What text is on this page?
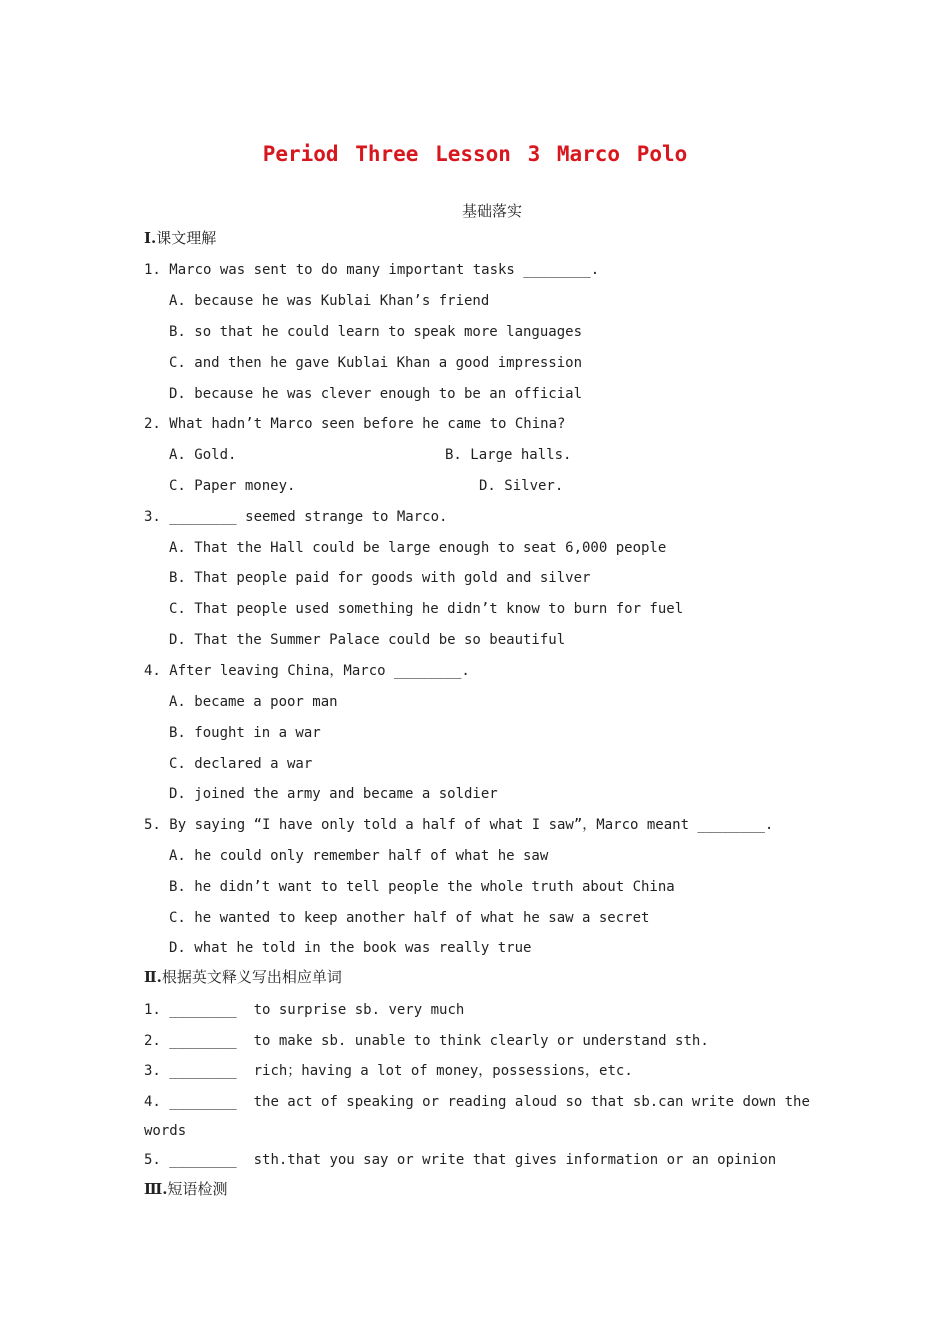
Period Three Lesson 3 Marco Polo
基础落实
Ⅰ.课文理解
1. Marco was sent to do many important tasks ________.
A. because he was Kublai Khan’s friend
B. so that he could learn to speak more languages
C. and then he gave Kublai Khan a good impression
D. because he was clever enough to be an official
2. What hadn’t Marco seen before he came to China?
A. Gold.	B. Large halls.
C. Paper money.	D. Silver.
3. ________ seemed strange to Marco.
A. That the Hall could be large enough to seat 6,000 people
B. That people paid for goods with gold and silver
C. That people used something he didn’t know to burn for fuel
D. That the Summer Palace could be so beautiful
4. After leaving China，Marco ________.
A. became a poor man
B. fought in a war
C. declared a war
D. joined the army and became a soldier
5. By saying “I have only told a half of what I saw”，Marco meant ________.
A. he could only remember half of what he saw
B. he didn’t want to tell people the whole truth about China
C. he wanted to keep another half of what he saw a secret
D. what he told in the book was really true
Ⅱ.根据英文释义写出相应单词
1. ________ to surprise sb. very much
2. ________ to make sb. unable to think clearly or understand sth.
3. ________ rich；having a lot of money，possessions，etc.
4. ________ the act of speaking or reading aloud so that sb.can write down the
words
5. ________ sth.that you say or write that gives information or an opinion
Ⅲ.短语检测
